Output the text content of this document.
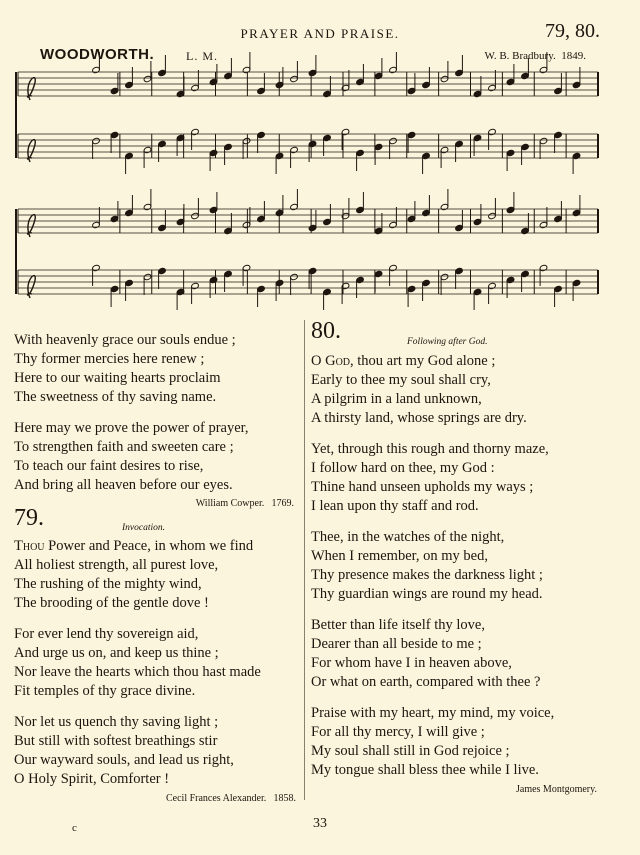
PRAYER AND PRAISE.	79, 80.
WOODWORTH.	L. M.	W. B. Bradbury. 1849.
With heavenly grace our souls endue ;
Thy former mercies here renew ;
Here to our waiting hearts proclaim
The sweetness of thy saving name.
Here may we prove the power of prayer,
To strengthen faith and sweeten care ;
To teach our faint desires to rise,
And bring all heaven before our eyes.
William Cowper. 1769.
79.	Invocation.
Thou Power and Peace, in whom we find
All holiest strength, all purest love,
The rushing of the mighty wind,
The brooding of the gentle dove !
For ever lend thy sovereign aid,
And urge us on, and keep us thine ;
Nor leave the hearts which thou hast made
Fit temples of thy grace divine.
Nor let us quench thy saving light ;
But still with softest breathings stir
Our wayward souls, and lead us right,
O Holy Spirit, Comforter !
Cecil Frances Alexander. 1858.
80.	Following after God.
O God, thou art my God alone ;
Early to thee my soul shall cry,
A pilgrim in a land unknown,
A thirsty land, whose springs are dry.
Yet, through this rough and thorny maze,
I follow hard on thee, my God :
Thine hand unseen upholds my ways ;
I lean upon thy staff and rod.
Thee, in the watches of the night,
When I remember, on my bed,
Thy presence makes the darkness light ;
Thy guardian wings are round my head.
Better than life itself thy love,
Dearer than all beside to me ;
For whom have I in heaven above,
Or what on earth, compared with thee ?
Praise with my heart, my mind, my voice,
For all thy mercy, I will give ;
My soul shall still in God rejoice ;
My tongue shall bless thee while I live.
James Montgomery.
c	33
